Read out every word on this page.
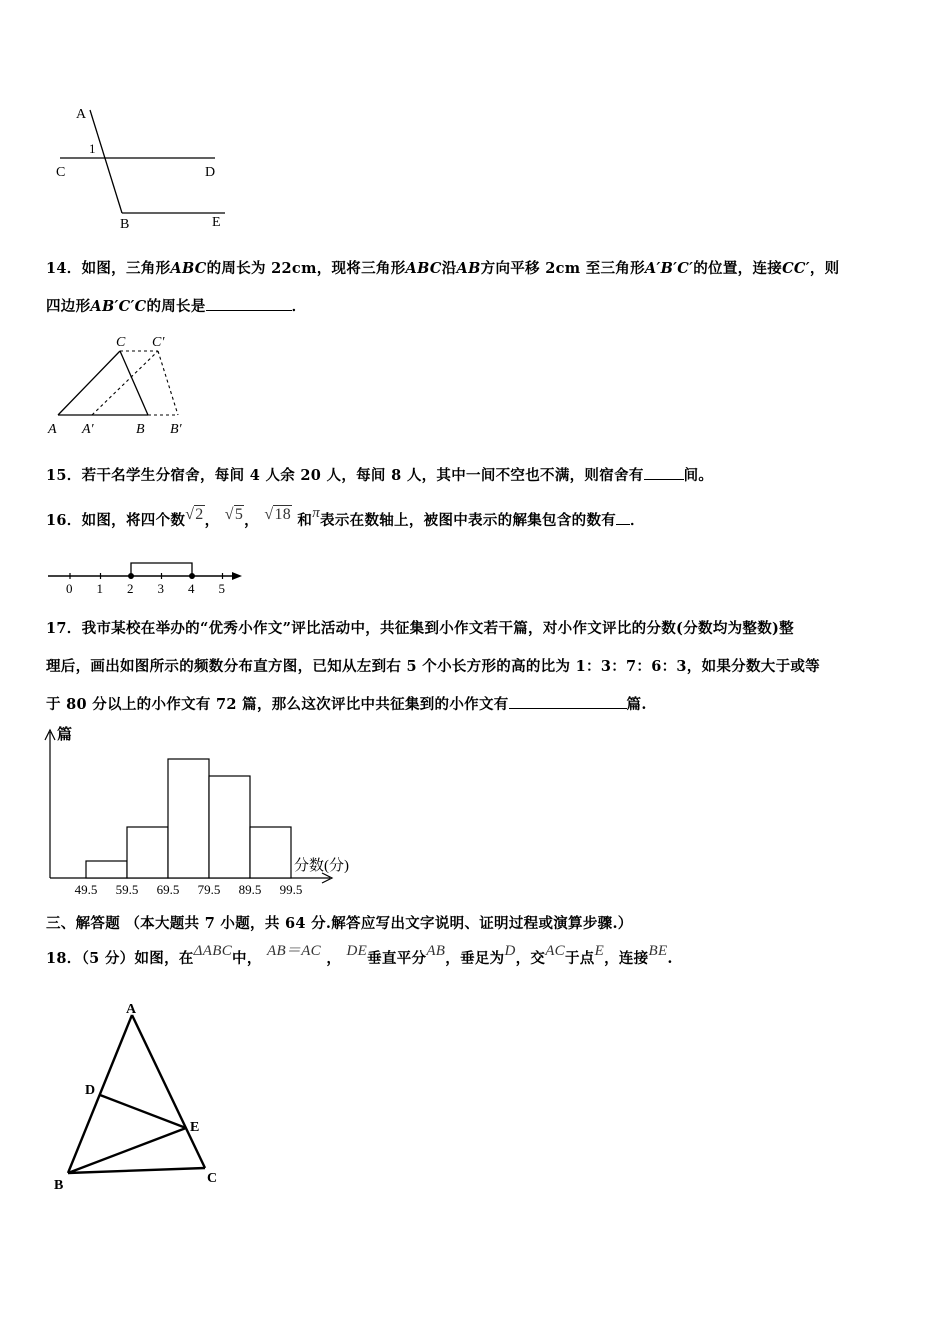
A
1
C	D
B	E
14．如图，三角形ABC的周长为 22cm，现将三角形ABC沿AB方向平移 2cm 至三角形A′B′C′的位置，连接CC′，则
四边形AB′C′C的周长是	．
C C′
A A′	B B′
15．若干名学生分宿舍，每间 4 人余 20 人，每间 8 人，其中一间不空也不满，则宿舍有	间。
16．如图，将四个数√2， √5， √18 和π表示在数轴上，被图中表示的解集包含的数有 ．
0 1 2 3 4 5
17．我市某校在举办的“优秀小作文”评比活动中，共征集到小作文若干篇，对小作文评比的分数(分数均为整数)整
理后，画出如图所示的频数分布直方图，已知从左到右 5 个小长方形的高的比为 1：3：7：6：3，如果分数大于或等
于 80 分以上的小作文有 72 篇，那么这次评比中共征集到的小作文有	篇.
篇
分数(分)
49.5 59.5 69.5 79.5 89.5 99.5
三、解答题 （本大题共 7 小题，共 64 分.解答应写出文字说明、证明过程或演算步骤.）
18．（5 分）如图，在ΔABC中， AB＝AC ， DE垂直平分AB，垂足为D，交AC于点E，连接BE.
A
D
E
B	C
